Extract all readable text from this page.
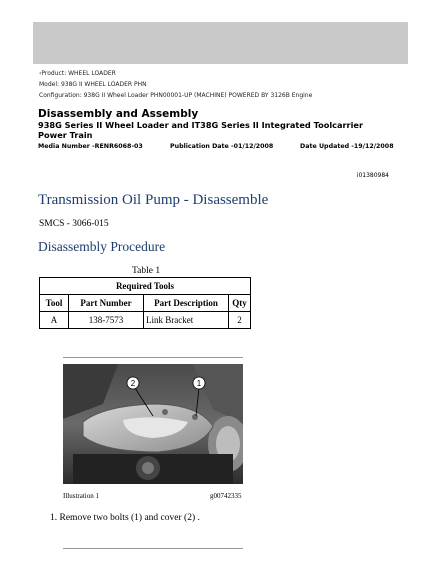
‹Product: WHEEL LOADER
Model: 938G II WHEEL LOADER PHN
Configuration: 938G II Wheel Loader PHN00001-UP (MACHINE) POWERED BY 3126B Engine
Disassembly and Assembly
938G Series II Wheel Loader and IT38G Series II Integrated Toolcarrier Power Train
Media Number -RENR6068-03	Publication Date -01/12/2008	Date Updated -19/12/2008
i01380984
Transmission Oil Pump - Disassemble
SMCS - 3066-015
Disassembly Procedure
Table 1
Required Tools			
Tool	Part Number	Part Description	Qty
A	138-7573	Link Bracket	2
2	1
Illustration 1	g00742335
1. Remove two bolts (1) and cover (2) .
